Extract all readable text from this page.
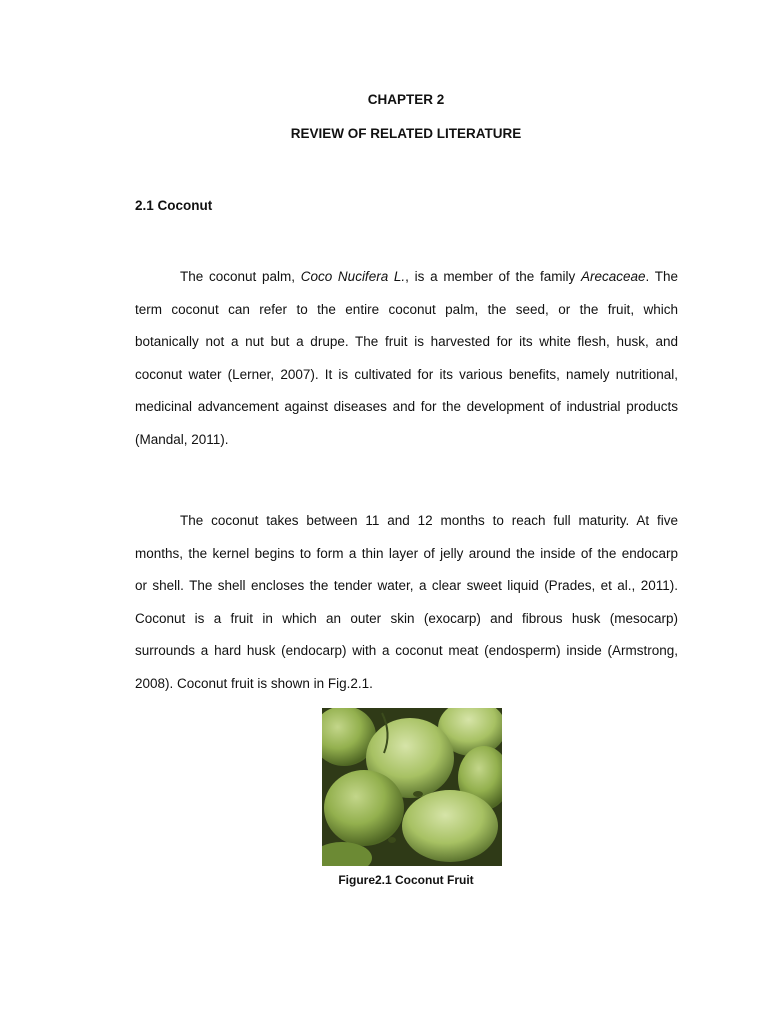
CHAPTER 2
REVIEW OF RELATED LITERATURE
2.1 Coconut

The coconut palm, Coco Nucifera L., is a member of the family Arecaceae. The
term coconut can refer to the entire coconut palm, the seed, or the fruit, which
botanically not a nut but a drupe. The fruit is harvested for its white flesh, husk, and
coconut water (Lerner, 2007). It is cultivated for its various benefits, namely nutritional,
medicinal advancement against diseases and for the development of industrial products
(Mandal, 2011).

The coconut takes between 11 and 12 months to reach full maturity. At five
months, the kernel begins to form a thin layer of jelly around the inside of the endocarp
or shell. The shell encloses the tender water, a clear sweet liquid (Prades, et al., 2011).
Coconut is a fruit in which an outer skin (exocarp) and fibrous husk (mesocarp)
surrounds a hard husk (endocarp) with a coconut meat (endosperm) inside (Armstrong,
2008). Coconut fruit is shown in Fig.2.1.

Figure2.1 Coconut Fruit
